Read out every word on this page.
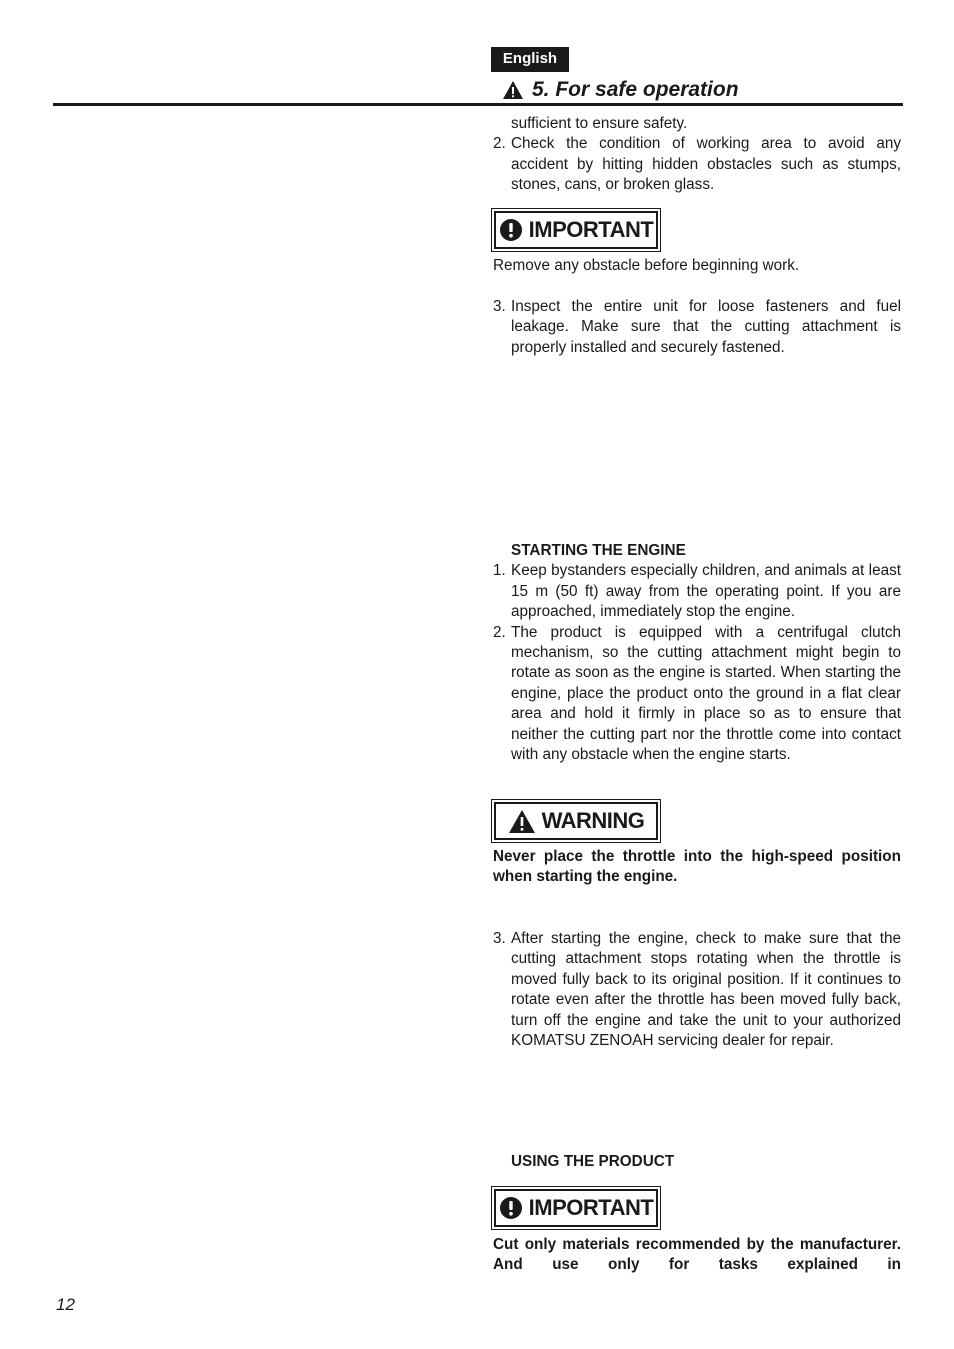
English
5. For safe operation

sufficient to ensure safety.

2. Check the condition of working area to avoid any accident by hitting hidden obstacles such as stumps, stones, cans, or broken glass.
IMPORTANT

Remove any obstacle before beginning work.

3. Inspect the entire unit for loose fasteners and fuel leakage. Make sure that the cutting attachment is properly installed and securely fastened.

STARTING THE ENGINE

1. Keep bystanders especially children, and animals at least 15 m (50 ft) away from the operating point. If you are approached, immediately stop the engine.
2. The product is equipped with a centrifugal clutch mechanism, so the cutting attachment might begin to rotate as soon as the engine is started. When starting the engine, place the product onto the ground in a flat clear area and hold it firmly in place so as to ensure that neither the cutting part nor the throttle come into contact with any obstacle when the engine starts.
WARNING

Never place the throttle into the high-speed position when starting the engine.

3. After starting the engine, check to make sure that the cutting attachment stops rotating when the throttle is moved fully back to its original position. If it continues to rotate even after the throttle has been moved fully back, turn off the engine and take the unit to your authorized KOMATSU ZENOAH servicing dealer for repair.

USING THE PRODUCT

IMPORTANT

Cut only materials recommended by the manufacturer. And use only for tasks explained in

12
